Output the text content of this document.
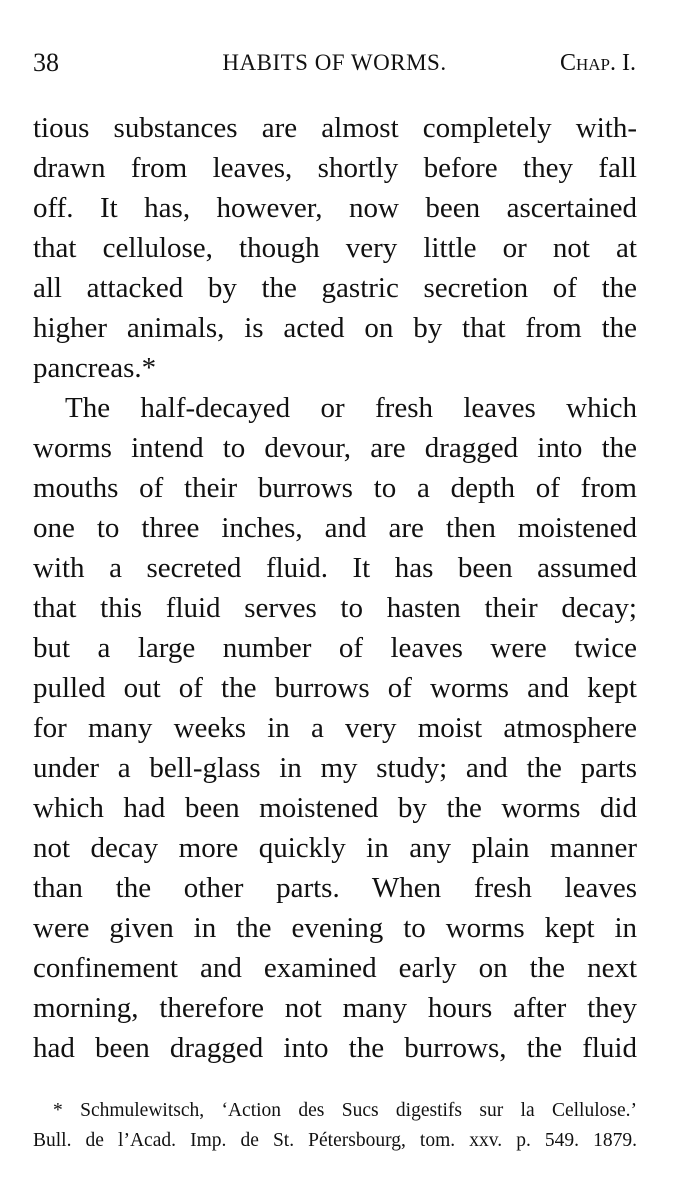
38	HABITS OF WORMS.	Chap. I.
tious substances are almost completely with-
drawn from leaves, shortly before they fall
off. It has, however, now been ascertained
that cellulose, though very little or not at
all attacked by the gastric secretion of the
higher animals, is acted on by that from the
pancreas.*
The half-decayed or fresh leaves which
worms intend to devour, are dragged into the
mouths of their burrows to a depth of from
one to three inches, and are then moistened
with a secreted fluid. It has been assumed
that this fluid serves to hasten their decay;
but a large number of leaves were twice
pulled out of the burrows of worms and kept
for many weeks in a very moist atmosphere
under a bell-glass in my study; and the parts
which had been moistened by the worms did
not decay more quickly in any plain manner
than the other parts. When fresh leaves
were given in the evening to worms kept in
confinement and examined early on the next
morning, therefore not many hours after they
had been dragged into the burrows, the fluid
* Schmulewitsch, ‘Action des Sucs digestifs sur la Cellulose.’
Bull. de l’Acad. Imp. de St. Pétersbourg, tom. xxv. p. 549. 1879.
